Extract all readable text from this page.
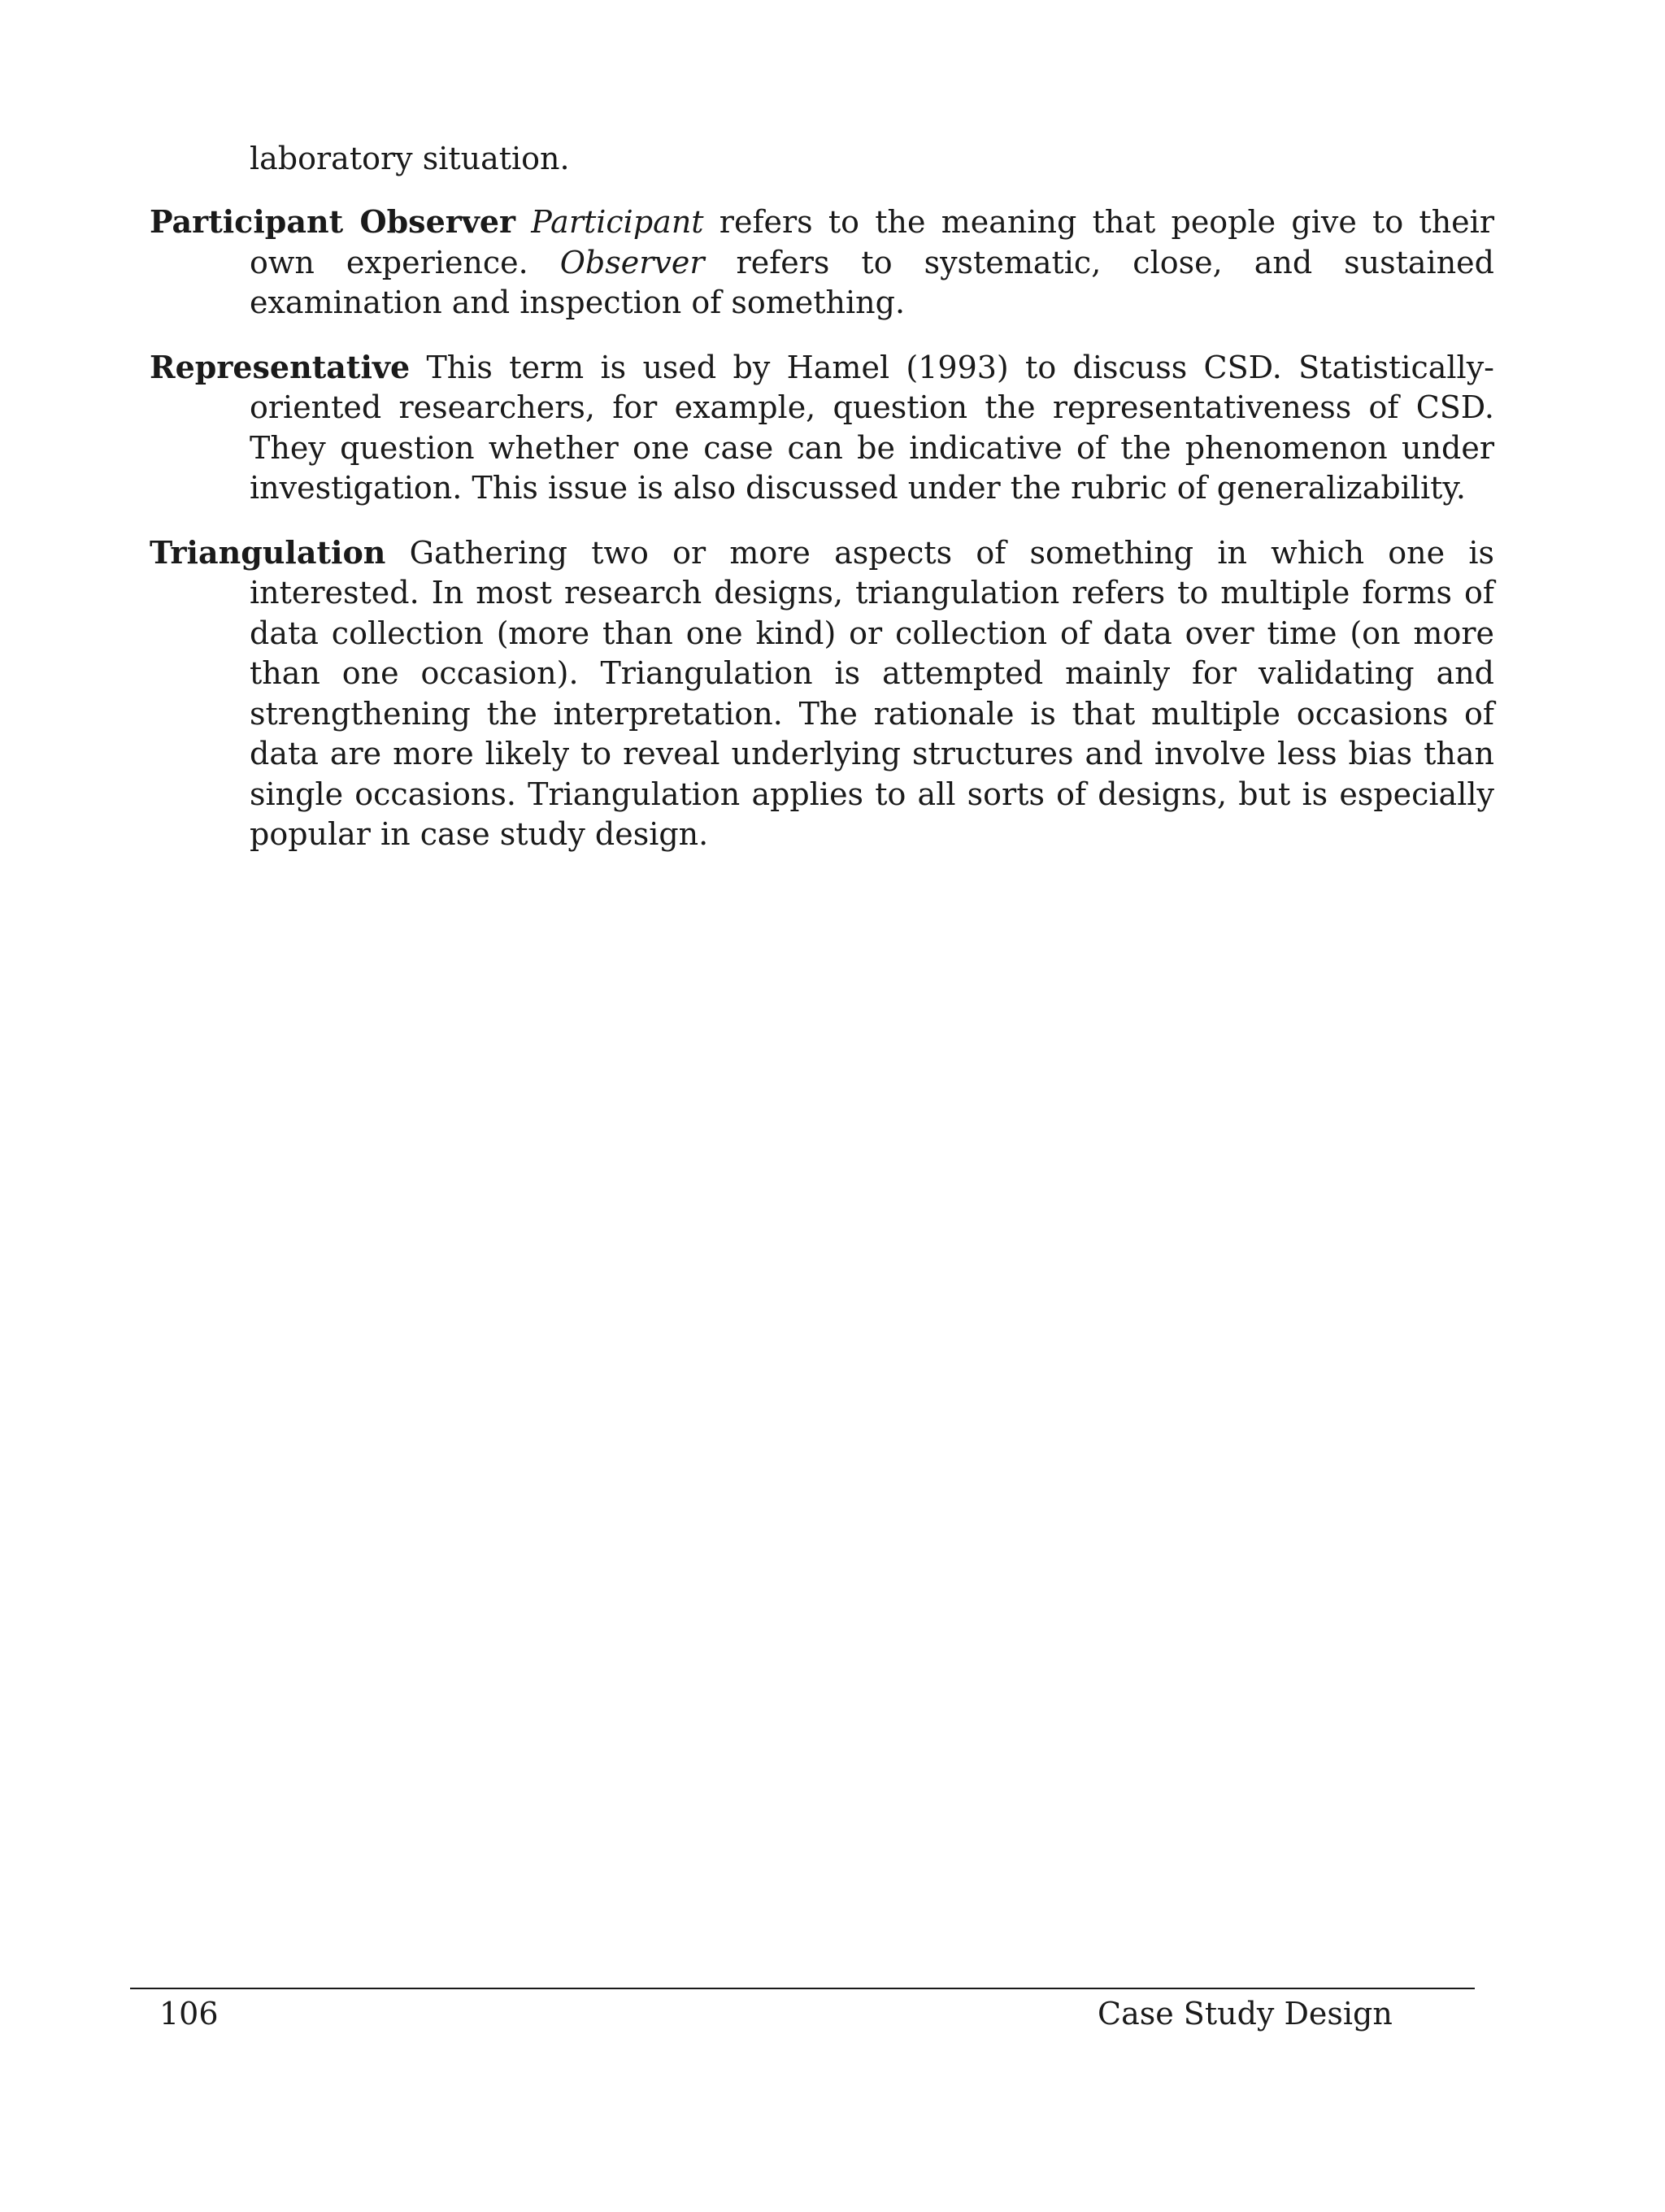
laboratory situation.

Participant Observer Participant refers to the meaning that people give to their own experience. Observer refers to systematic, close, and sustained examination and inspection of something.

Representative This term is used by Hamel (1993) to discuss CSD. Statistically-oriented researchers, for example, question the representativeness of CSD. They question whether one case can be indicative of the phenomenon under investigation. This issue is also discussed under the rubric of generalizability.

Triangulation Gathering two or more aspects of something in which one is interested. In most research designs, triangulation refers to multiple forms of data collection (more than one kind) or collection of data over time (on more than one occasion). Triangulation is attempted mainly for validating and strengthening the interpretation. The rationale is that multiple occasions of data are more likely to reveal underlying structures and involve less bias than single occasions. Triangulation applies to all sorts of designs, but is especially popular in case study design.

106	Case Study Design
